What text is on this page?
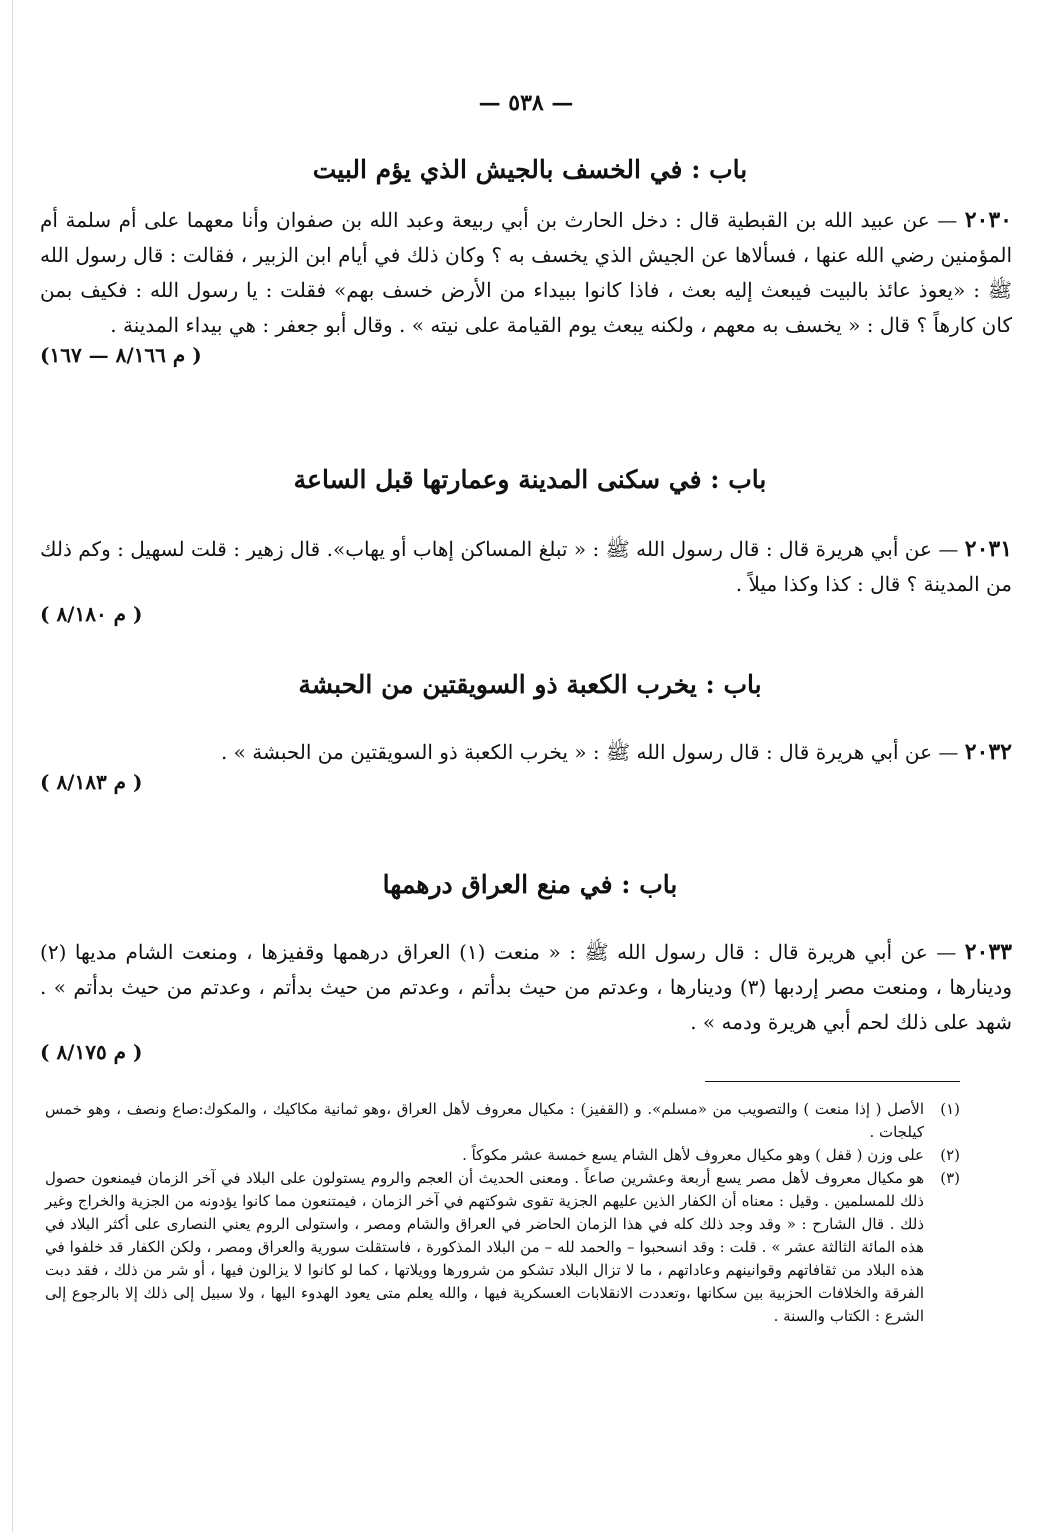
— ٥٣٨ —
باب : في الخسف بالجيش الذي يؤم البيت
٢٠٣٠ — عن عبيد الله بن القبطية قال : دخل الحارث بن أبي ربيعة وعبد الله بن صفوان وأنا معهما على أم سلمة أم المؤمنين رضي الله عنها ، فسألاها عن الجيش الذي يخسف به ؟ وكان ذلك في أيام ابن الزبير ، فقالت : قال رسول الله ﷺ : «يعوذ عائذ بالبيت فيبعث إليه بعث ، فاذا كانوا ببيداء من الأرض خسف بهم» فقلت : يا رسول الله : فكيف بمن كان كارهاً ؟ قال : « يخسف به معهم ، ولكنه يبعث يوم القيامة على نيته » . وقال أبو جعفر : هي بيداء المدينة .
( م ٨/١٦٦ — ١٦٧)
باب : في سكنى المدينة وعمارتها قبل الساعة
٢٠٣١ — عن أبي هريرة قال : قال رسول الله ﷺ : « تبلغ المساكن إهاب أو يهاب». قال زهير : قلت لسهيل : وكم ذلك من المدينة ؟ قال : كذا وكذا ميلاً .
( م ٨/١٨٠ )
باب : يخرب الكعبة ذو السويقتين من الحبشة
٢٠٣٢ — عن أبي هريرة قال : قال رسول الله ﷺ : « يخرب الكعبة ذو السويقتين من الحبشة » .
( م ٨/١٨٣ )
باب : في منع العراق درهمها
٢٠٣٣ — عن أبي هريرة قال : قال رسول الله ﷺ : « منعت (١) العراق درهمها وقفيزها ، ومنعت الشام مديها (٢) ودينارها ، ومنعت مصر إردبها (٣) ودينارها ، وعدتم من حيث بدأتم ، وعدتم من حيث بدأتم ، وعدتم من حيث بدأتم » . شهد على ذلك لحم أبي هريرة ودمه » .
( م ٨/١٧٥ )
(١)
الأصل ( إذا منعت ) والتصويب من «مسلم». و (القفيز) : مكيال معروف لأهل العراق ،وهو ثمانية مكاكيك ، والمكوك:صاع ونصف ، وهو خمس كيلجات .
(٢)
على وزن ( قفل ) وهو مكيال معروف لأهل الشام يسع خمسة عشر مكوكاً .
(٣)
هو مكيال معروف لأهل مصر يسع أربعة وعشرين صاعاً . ومعنى الحديث أن العجم والروم يستولون على البلاد في آخر الزمان فيمنعون حصول ذلك للمسلمين . وقيل : معناه أن الكفار الذين عليهم الجزية تقوى شوكتهم في آخر الزمان ، فيمتنعون مما كانوا يؤدونه من الجزية والخراج وغير ذلك . قال الشارح : « وقد وجد ذلك كله في هذا الزمان الحاضر في العراق والشام ومصر ، واستولى الروم يعني النصارى على أكثر البلاد في هذه المائة الثالثة عشر » . قلت : وقد انسحبوا – والحمد لله – من البلاد المذكورة ، فاستقلت سورية والعراق ومصر ، ولكن الكفار قد خلفوا في هذه البلاد من ثقافاتهم وقوانينهم وعاداتهم ، ما لا تزال البلاد تشكو من شرورها وويلاتها ، كما لو كانوا لا يزالون فيها ، أو شر من ذلك ، فقد دبت الفرقة والخلافات الحزبية بين سكانها ،وتعددت الانقلابات العسكرية فيها ، والله يعلم متى يعود الهدوء اليها ، ولا سبيل إلى ذلك إلا بالرجوع إلى الشرع : الكتاب والسنة .
